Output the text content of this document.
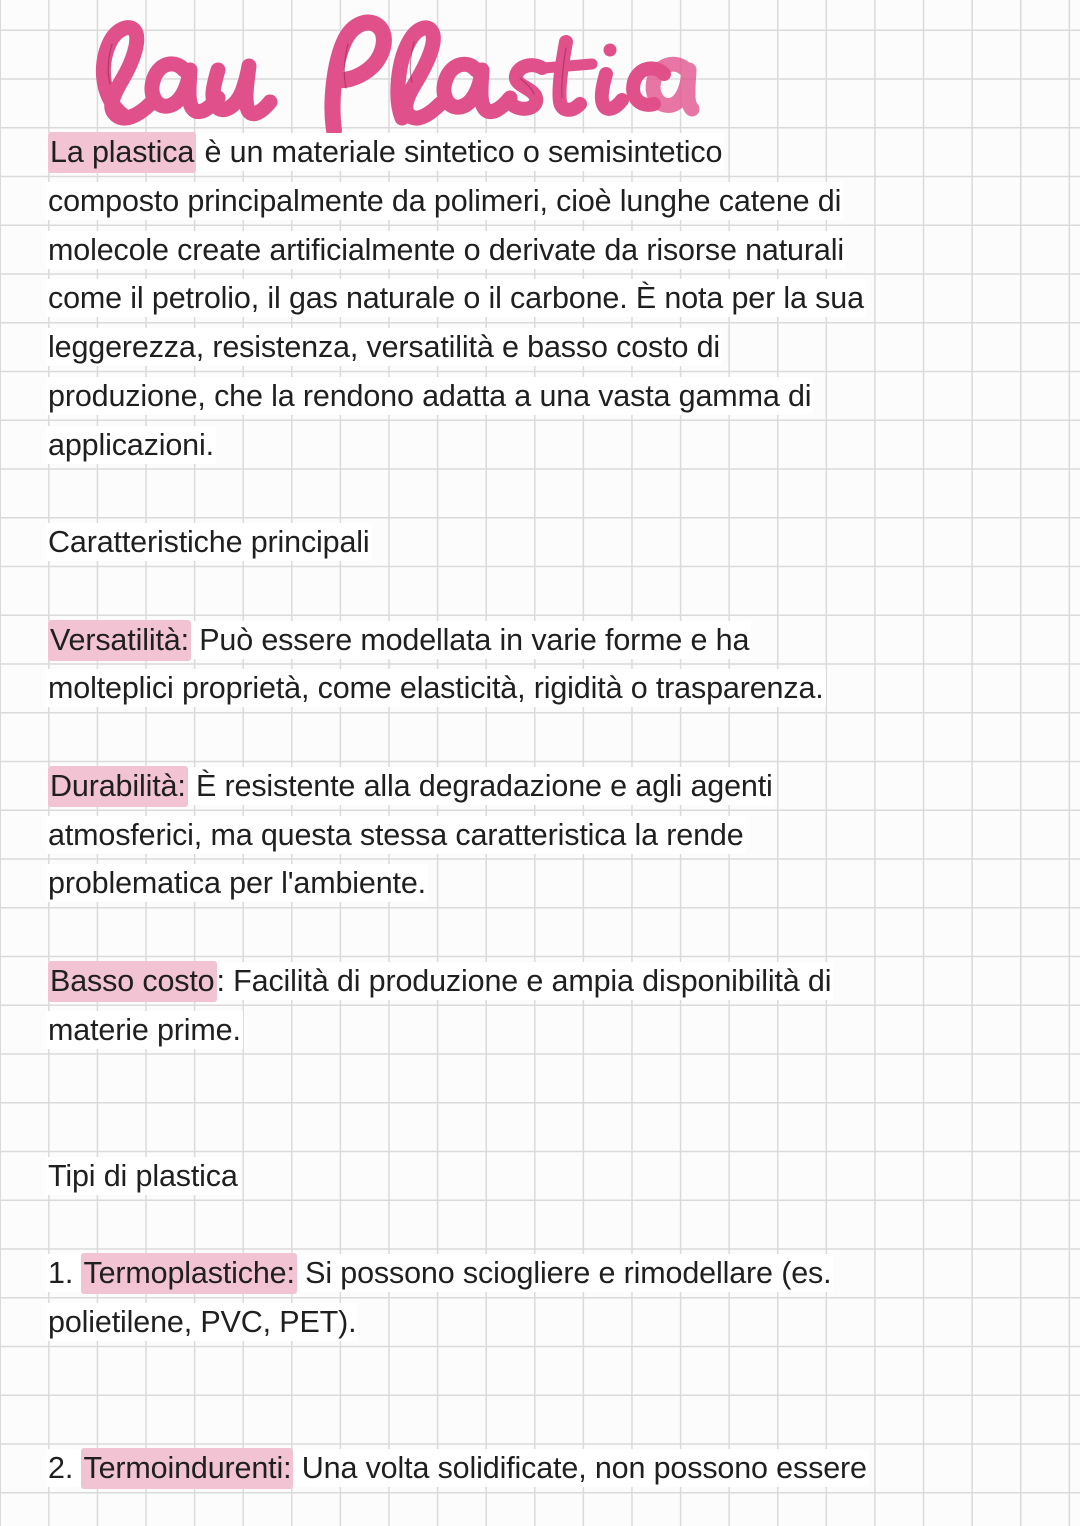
La plastica è un materiale sintetico o semisintetico
composto principalmente da polimeri, cioè lunghe catene di
molecole create artificialmente o derivate da risorse naturali
come il petrolio, il gas naturale o il carbone. È nota per la sua
leggerezza, resistenza, versatilità e basso costo di
produzione, che la rendono adatta a una vasta gamma di
applicazioni.
Caratteristiche principali
Versatilità: Può essere modellata in varie forme e ha
molteplici proprietà, come elasticità, rigidità o trasparenza.
Durabilità: È resistente alla degradazione e agli agenti
atmosferici, ma questa stessa caratteristica la rende
problematica per l'ambiente.
Basso costo: Facilità di produzione e ampia disponibilità di
materie prime.
Tipi di plastica
1. Termoplastiche: Si possono sciogliere e rimodellare (es.
polietilene, PVC, PET).
2. Termoindurenti: Una volta solidificate, non possono essere
